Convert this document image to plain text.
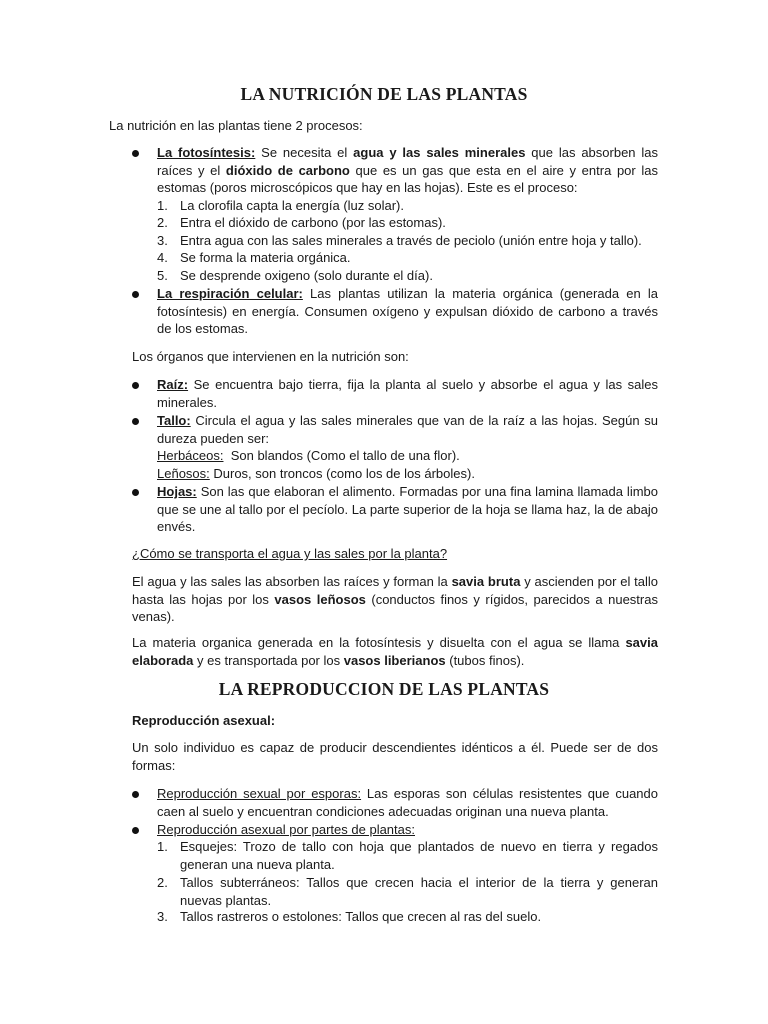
LA NUTRICIÓN DE LAS PLANTAS

La nutrición en las plantas tiene 2 procesos:

La fotosíntesis: Se necesita el agua y las sales minerales que las absorben las raíces y el dióxido de carbono que es un gas que esta en el aire y entra por las estomas (poros microscópicos que hay en las hojas). Este es el proceso:

1. La clorofila capta la energía (luz solar).

2. Entra el dióxido de carbono (por las estomas).

3. Entra agua con las sales minerales a través de peciolo (unión entre hoja y tallo).

4. Se forma la materia orgánica.

5. Se desprende oxigeno (solo durante el día).

La respiración celular: Las plantas utilizan la materia orgánica (generada en la fotosíntesis) en energía. Consumen oxígeno y expulsan dióxido de carbono a través de los estomas.

Los órganos que intervienen en la nutrición son:

Raíz: Se encuentra bajo tierra, fija la planta al suelo y absorbe el agua y las sales minerales.

Tallo: Circula el agua y las sales minerales que van de la raíz a las hojas. Según su dureza pueden ser:

Herbáceos:  Son blandos (Como el tallo de una flor).

Leñosos: Duros, son troncos (como los de los árboles).

Hojas: Son las que elaboran el alimento. Formadas por una fina lamina llamada limbo que se une al tallo por el pecíolo. La parte superior de la hoja se llama haz, la de abajo envés.

¿Cómo se transporta el agua y las sales por la planta?

El agua y las sales las absorben las raíces y forman la savia bruta y ascienden por el tallo hasta las hojas por los vasos leñosos (conductos finos y rígidos, parecidos a nuestras venas).

La materia organica generada en la fotosíntesis y disuelta con el agua se llama savia elaborada y es transportada por los vasos liberianos (tubos finos).

LA REPRODUCCION DE LAS PLANTAS

Reproducción asexual:

Un solo individuo es capaz de producir descendientes idénticos a él. Puede ser de dos formas:

Reproducción sexual por esporas: Las esporas son células resistentes que cuando caen al suelo y encuentran condiciones adecuadas originan una nueva planta.

Reproducción asexual por partes de plantas:

1. Esquejes: Trozo de tallo con hoja que plantados de nuevo en tierra y regados generan una nueva planta.

2. Tallos subterráneos: Tallos que crecen hacia el interior de la tierra y generan nuevas plantas.

3. Tallos rastreros o estolones: Tallos que crecen al ras del suelo.
